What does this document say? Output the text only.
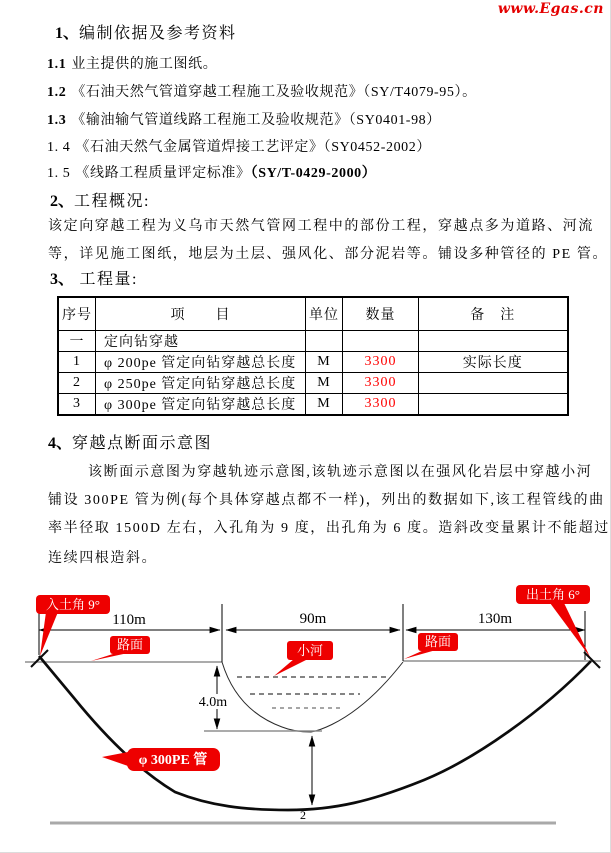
www.Egas.cn
1、编制依据及参考资料
1.1 业主提供的施工图纸。
1.2 《石油天然气管道穿越工程施工及验收规范》（SY/T4079-95）。
1.3 《输油输气管道线路工程施工及验收规范》（SY0401-98）
1. 4 《石油天然气金属管道焊接工艺评定》（SY0452-2002）
1. 5 《线路工程质量评定标准》（SY/T-0429-2000）
2、工程概况:
该定向穿越工程为义乌市天然气管网工程中的部份工程，穿越点多为道路、河流
等，详见施工图纸，地层为土层、强风化、部分泥岩等。铺设多种管径的 PE 管。
3、 工程量:
序号	项　　目	单位	数量	备　注
一	定向钻穿越			
1	φ 200pe 管定向钻穿越总长度	M	3300	实际长度
2	φ 250pe 管定向钻穿越总长度	M	3300	
3	φ 300pe 管定向钻穿越总长度	M	3300	
4、穿越点断面示意图
该断面示意图为穿越轨迹示意图,该轨迹示意图以在强风化岩层中穿越小河
铺设 300PE 管为例(每个具体穿越点都不一样)，列出的数据如下,该工程管线的曲
率半径取 1500D 左右，入孔角为 9 度，出孔角为 6 度。造斜改变量累计不能超过
连续四根造斜。
110m	90m	130m
4.0m
入土角 9°
出土角 6°
路面	路面
小河
φ 300PE 管
2
